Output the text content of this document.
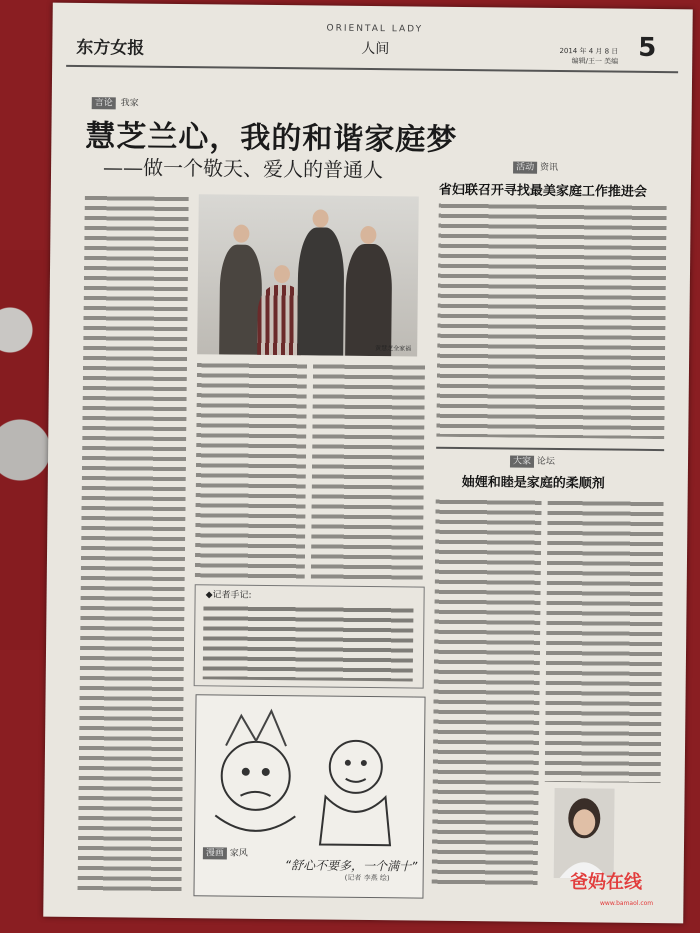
东方女报
ORIENTAL LADY
人间	2014 年 4 月 8 日
编辑/王一 美编 5
言论 我家
慧芝兰心，我的和谐家庭梦
——做一个敬天、爱人的普通人
黄慧芝全家福
◆记者手记:
漫画 家风
“舒心不要多，一个满十”
(记者 李燕 绘)
活动 资讯
省妇联召开寻找最美家庭工作推进会
大家 论坛
妯娌和睦是家庭的柔顺剂
爸妈在线
www.bamaol.com
